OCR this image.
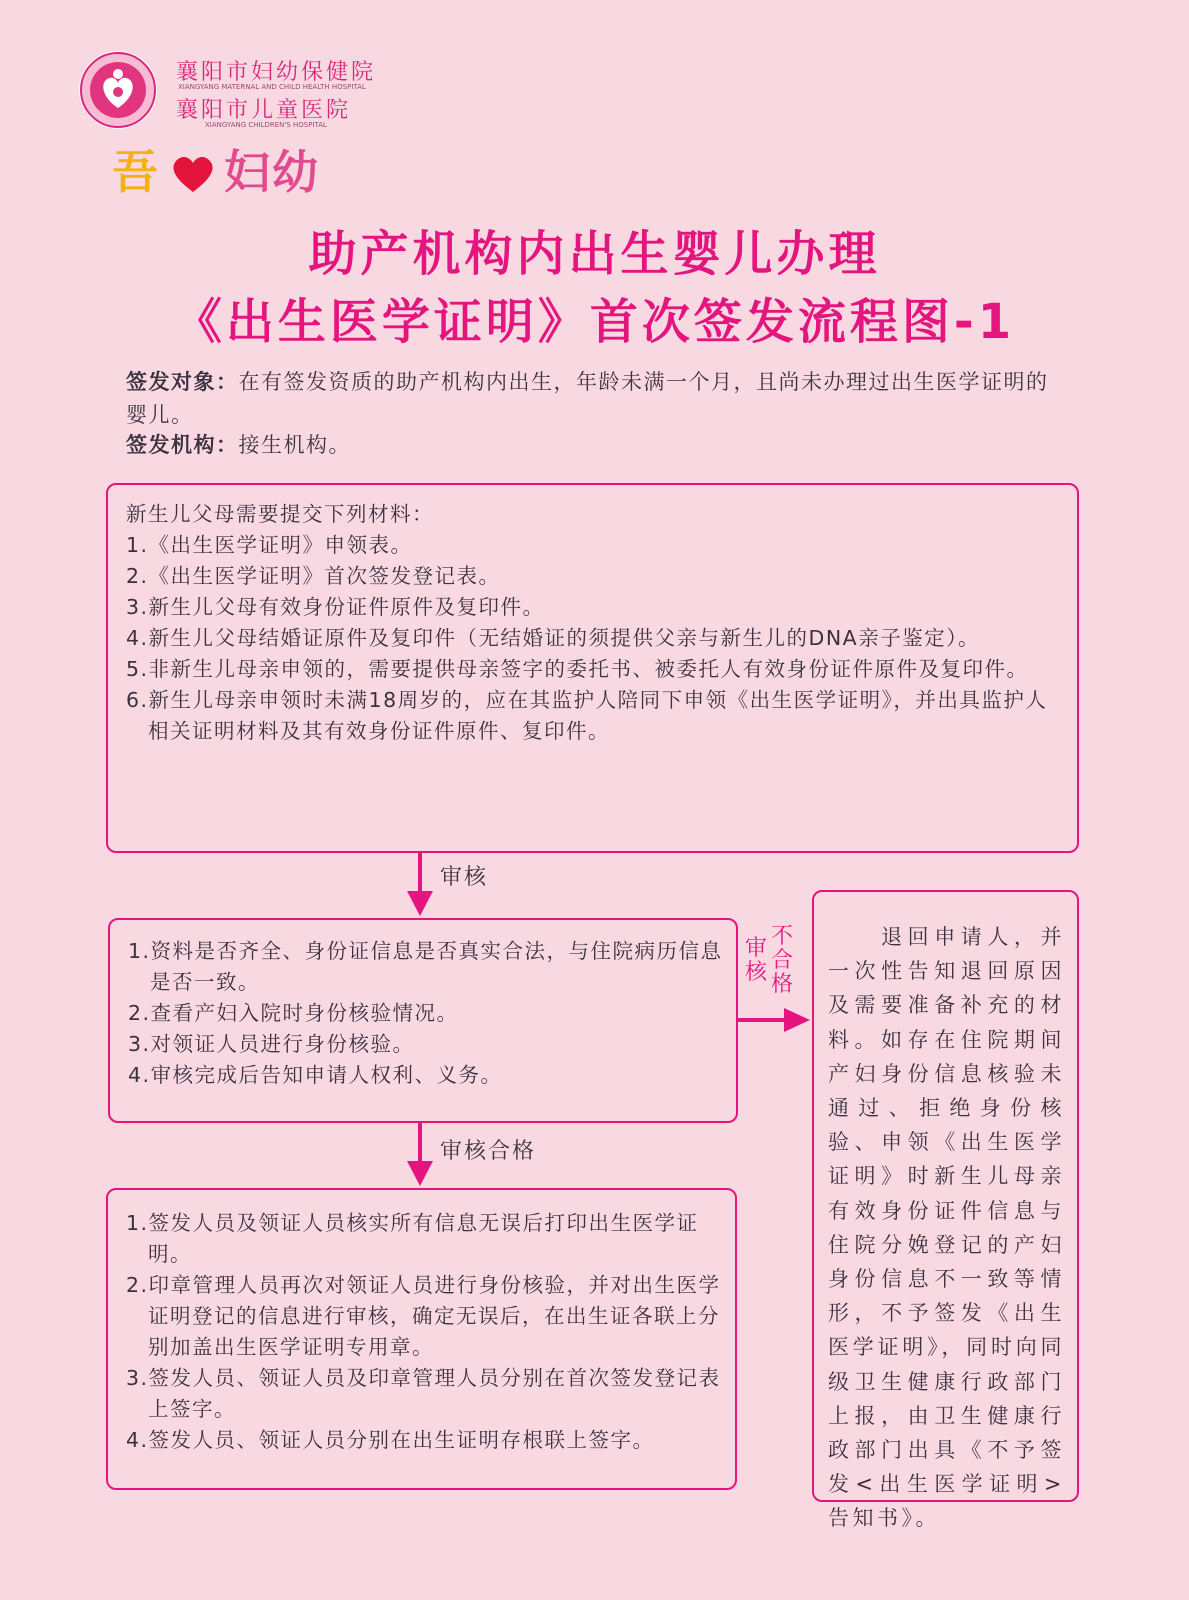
襄阳市妇幼保健院
XIANGYANG MATERNAL AND CHILD HEALTH HOSPITAL
襄阳市儿童医院
XIANGYANG CHILDREN'S HOSPITAL
吾 妇幼
助产机构内出生婴儿办理
《出生医学证明》首次签发流程图-1
签发对象：在有签发资质的助产机构内出生，年龄未满一个月，且尚未办理过出生医学证明的婴儿。
签发机构：接生机构。
新生儿父母需要提交下列材料：
1.《出生医学证明》申领表。
2.《出生医学证明》首次签发登记表。
3.新生儿父母有效身份证件原件及复印件。
4.新生儿父母结婚证原件及复印件（无结婚证的须提供父亲与新生儿的DNA亲子鉴定）。
5.非新生儿母亲申领的，需要提供母亲签字的委托书、被委托人有效身份证件原件及复印件。
6.新生儿母亲申领时未满18周岁的，应在其监护人陪同下申领《出生医学证明》，并出具监护人相关证明材料及其有效身份证件原件、复印件。
审核
1.资料是否齐全、身份证信息是否真实合法，与住院病历信息是否一致。
2.查看产妇入院时身份核验情况。
3.对领证人员进行身份核验。
4.审核完成后告知申请人权利、义务。
审核
不合格
　　退回申请人，并一次性告知退回原因及需要准备补充的材料。如存在住院期间产妇身份信息核验未通过、拒绝身份核验、申领《出生医学证明》时新生儿母亲有效身份证件信息与住院分娩登记的产妇身份信息不一致等情形，不予签发《出生医学证明》，同时向同级卫生健康行政部门上报，由卫生健康行政部门出具《不予签发<出生医学证明>告知书》。
审核合格
1.签发人员及领证人员核实所有信息无误后打印出生医学证明。
2.印章管理人员再次对领证人员进行身份核验，并对出生医学证明登记的信息进行审核，确定无误后，在出生证各联上分别加盖出生医学证明专用章。
3.签发人员、领证人员及印章管理人员分别在首次签发登记表上签字。
4.签发人员、领证人员分别在出生证明存根联上签字。
